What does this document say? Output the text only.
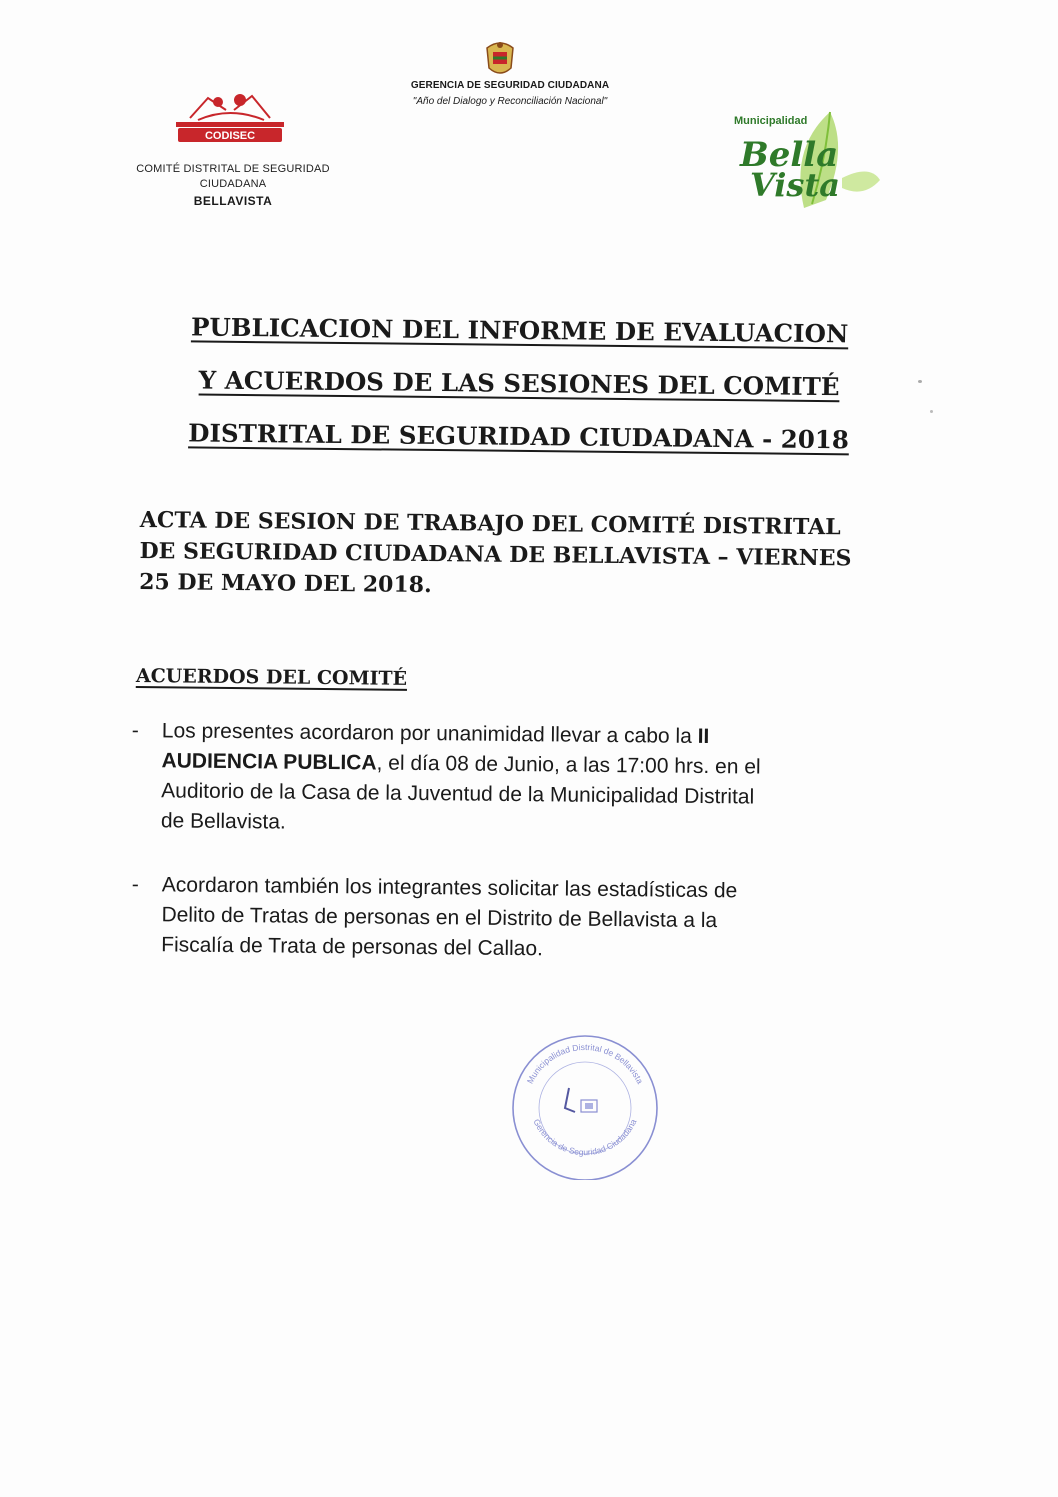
CODISEC
COMITÉ DISTRITAL DE SEGURIDAD
CIUDADANA
BELLAVISTA
GERENCIA DE SEGURIDAD CIUDADANA
"Año del Dialogo y Reconciliación Nacional"
Municipalidad
Bella
Vista
PUBLICACION DEL INFORME DE EVALUACION
Y ACUERDOS DE LAS SESIONES DEL COMITÉ
DISTRITAL DE SEGURIDAD CIUDADANA - 2018
ACTA DE SESION DE TRABAJO DEL COMITÉ DISTRITAL
DE SEGURIDAD CIUDADANA DE BELLAVISTA – VIERNES
25 DE MAYO DEL 2018.
ACUERDOS DEL COMITÉ
-	Los presentes acordaron por unanimidad llevar a cabo la II
AUDIENCIA PUBLICA, el día 08 de Junio, a las 17:00 hrs. en el
Auditorio de la Casa de la Juventud de la Municipalidad Distrital
de Bellavista.
-	Acordaron también los integrantes solicitar las estadísticas de
Delito de Tratas de personas en el Distrito de Bellavista a la
Fiscalía de Trata de personas del Callao.
Municipalidad Distrital de Bellavista
Gerencia de Seguridad Ciudadana
